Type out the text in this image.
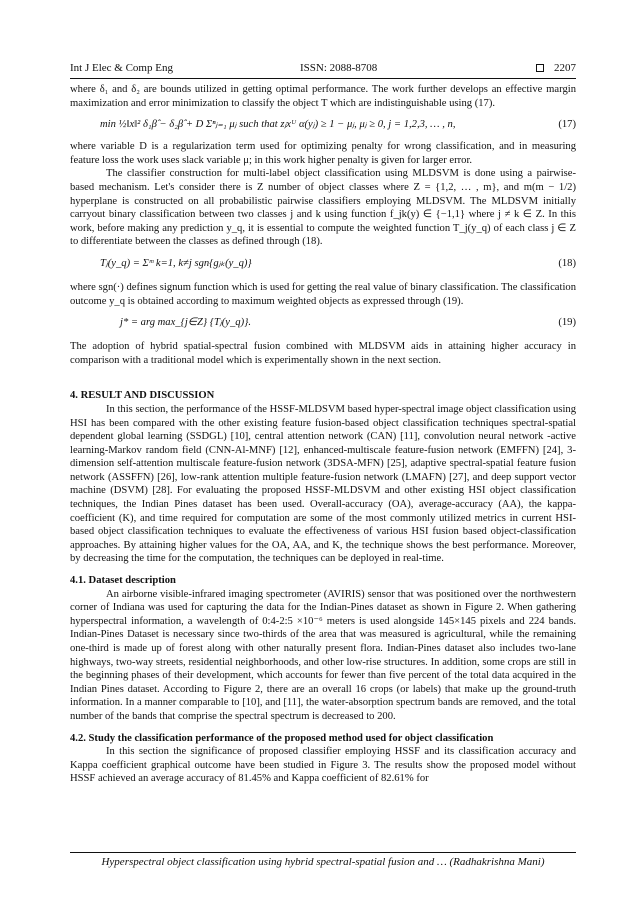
Int J Elec & Comp Eng	ISSN: 2088-8708	2207

where δ₁ and δ₂ are bounds utilized in getting optimal performance. The work further develops an effective margin maximization and error minimization to classify the object T which are indistinguishable using (17).

min ½‖x‖² δ₁β̂ − δ₂β̂ + D Σⁿⱼ₌₁ μⱼ such that zⱼxᵁ α(yⱼ) ≥ 1 − μⱼ, μⱼ ≥ 0, j = 1,2,3, … , n,	(17)

where variable D is a regularization term used for optimizing penalty for wrong classification, and in measuring feature loss the work uses slack variable μ; in this work higher penalty is given for larger error.

The classifier construction for multi-label object classification using MLDSVM is done using a pairwise-based mechanism. Let's consider there is Z number of object classes where Z = {1,2, … , m}, and m(m − 1/2) hyperplane is constructed on all probabilistic pairwise classifiers employing MLDSVM. The MLDSVM initially carryout binary classification between two classes j and k using function f_jk(y) ∈ {−1,1} where j ≠ k ∈ Z. In this work, before making any prediction y_q, it is essential to compute the weighted function T_j(y_q) of each class j ∈ Z to differentiate between the classes as defined through (18).

Tⱼ(y_q) = Σᵐ k=1, k≠j sgn{gⱼₖ(y_q)}	(18)

where sgn(·) defines signum function which is used for getting the real value of binary classification. The classification outcome y_q is obtained according to maximum weighted objects as expressed through (19).

j* = arg max_{j∈Z} {Tⱼ(y_q)}.	(19)

The adoption of hybrid spatial-spectral fusion combined with MLDSVM aids in attaining higher accuracy in comparison with a traditional model which is experimentally shown in the next section.

4. RESULT AND DISCUSSION

In this section, the performance of the HSSF-MLDSVM based hyper-spectral image object classification using HSI has been compared with the other existing feature fusion-based object classification techniques spectral-spatial dependent global learning (SSDGL) [10], central attention network (CAN) [11], convolution neural network -active learning-Markov random field (CNN-Al-MNF) [12], enhanced-multiscale feature-fusion network (EMFFN) [24], 3-dimension self-attention multiscale feature-fusion network (3DSA-MFN) [25], adaptive spectral-spatial feature fusion network (ASSFFN) [26], low-rank attention multiple feature-fusion network (LMAFN) [27], and deep support vector machine (DSVM) [28]. For evaluating the proposed HSSF-MLDSVM and other existing HSI object classification techniques, the Indian Pines dataset has been used. Overall-accuracy (OA), average-accuracy (AA), the kappa-coefficient (K), and time required for computation are some of the most commonly utilized metrics in current HSI-based object classification techniques to evaluate the effectiveness of various HSI fusion based object-classification approaches. By attaining higher values for the OA, AA, and K, the technique shows the best performance. Moreover, by decreasing the time for the computation, the techniques can be deployed in real-time.

4.1. Dataset description

An airborne visible-infrared imaging spectrometer (AVIRIS) sensor that was positioned over the northwestern corner of Indiana was used for capturing the data for the Indian-Pines dataset as shown in Figure 2. When gathering hyperspectral information, a wavelength of 0:4-2:5 ×10⁻⁶ meters is used alongside 145×145 pixels and 224 bands. Indian-Pines Dataset is necessary since two-thirds of the area that was measured is agricultural, while the remaining one-third is made up of forest along with other naturally present flora. Indian-Pines dataset also includes two-lane highways, two-way streets, residential neighborhoods, and other low-rise structures. In addition, some crops are still in the beginning phases of their development, which accounts for fewer than five percent of the total data acquired in the Indian Pines dataset. According to Figure 2, there are an overall 16 crops (or labels) that make up the ground-truth information. In a manner comparable to [10], and [11], the water-absorption spectrum bands are removed, and the total number of the bands that comprise the spectral spectrum is decreased to 200.

4.2. Study the classification performance of the proposed method used for object classification

In this section the significance of proposed classifier employing HSSF and its classification accuracy and Kappa coefficient graphical outcome have been studied in Figure 3. The results show the proposed model without HSSF achieved an average accuracy of 81.45% and Kappa coefficient of 82.61% for

Hyperspectral object classification using hybrid spectral-spatial fusion and … (Radhakrishna Mani)
